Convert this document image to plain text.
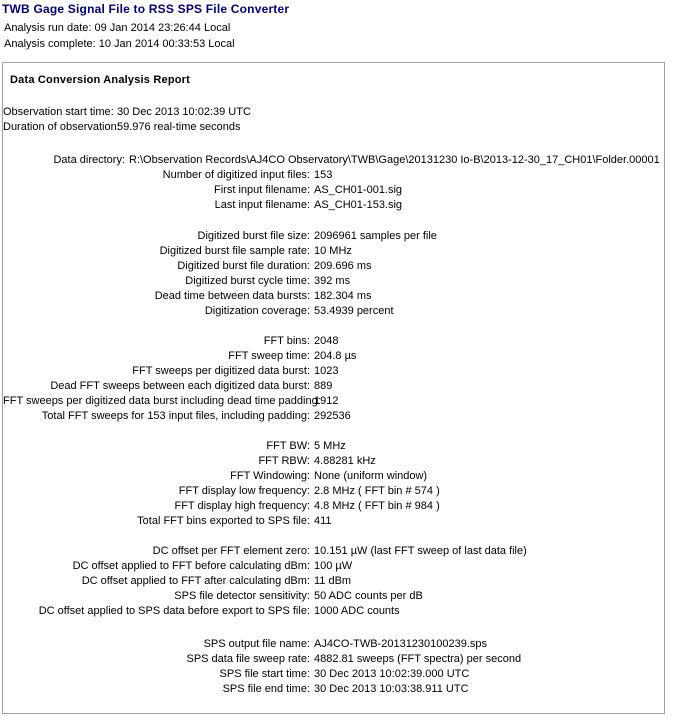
TWB Gage Signal File to RSS SPS File Converter
Analysis run date: 09 Jan 2014 23:26:44 Local
Analysis complete: 10 Jan 2014 00:33:53 Local
Data Conversion Analysis Report
Observation start time: 30 Dec 2013 10:02:39 UTC
Duration of observation:
59.976 real-time seconds
Data directory: R:\Observation Records\AJ4CO Observatory\TWB\Gage\20131230 Io-B\2013-12-30_17_CH01\Folder.00001
Number of digitized input files: 153
First input filename: AS_CH01-001.sig
Last input filename: AS_CH01-153.sig
Digitized burst file size: 2096961 samples per file
Digitized burst file sample rate: 10 MHz
Digitized burst file duration: 209.696 ms
Digitized burst cycle time: 392 ms
Dead time between data bursts: 182.304 ms
Digitization coverage: 53.4939 percent
FFT bins: 2048
FFT sweep time: 204.8 µs
FFT sweeps per digitized data burst: 1023
Dead FFT sweeps between each digitized data burst: 889
FFT sweeps per digitized data burst including dead time padding:
1912
Total FFT sweeps for 153 input files, including padding: 292536
FFT BW: 5 MHz
FFT RBW: 4.88281 kHz
FFT Windowing: None (uniform window)
FFT display low frequency: 2.8 MHz ( FFT bin # 574 )
FFT display high frequency: 4.8 MHz ( FFT bin # 984 )
Total FFT bins exported to SPS file: 411
DC offset per FFT element zero: 10.151 µW (last FFT sweep of last data file)
DC offset applied to FFT before calculating dBm: 100 µW
DC offset applied to FFT after calculating dBm: 11 dBm
SPS file detector sensitivity: 50 ADC counts per dB
DC offset applied to SPS data before export to SPS file: 1000 ADC counts
SPS output file name: AJ4CO-TWB-20131230100239.sps
SPS data file sweep rate: 4882.81 sweeps (FFT spectra) per second
SPS file start time: 30 Dec 2013 10:02:39.000 UTC
SPS file end time: 30 Dec 2013 10:03:38.911 UTC
